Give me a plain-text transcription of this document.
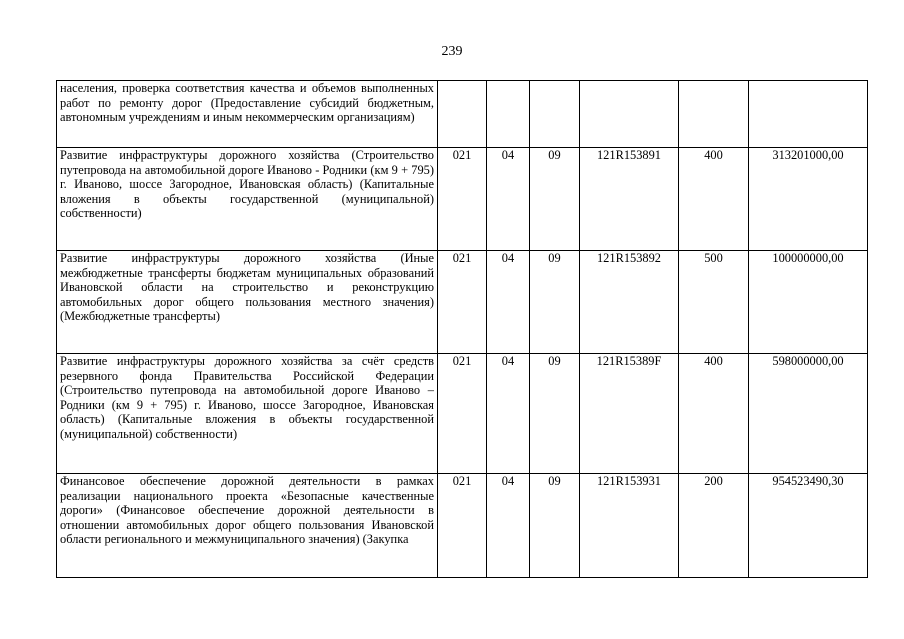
239
населения, проверка соответствия качества и объемов выполненных работ по ремонту дорог (Предоставление субсидий бюджетным, автономным учреждениям и иным некоммерческим организациям)						
Развитие инфраструктуры дорожного хозяйства (Строительство путепровода на автомобильной дороге Иваново - Родники (км 9 + 795) г. Иваново, шоссе Загородное, Ивановская область) (Капитальные вложения в объекты государственной (муниципальной) собственности)	021	04	09	121R153891	400	313201000,00
Развитие инфраструктуры дорожного хозяйства (Иные межбюджетные трансферты бюджетам муниципальных образований Ивановской области на строительство и реконструкцию автомобильных дорог общего пользования местного значения) (Межбюджетные трансферты)	021	04	09	121R153892	500	100000000,00
Развитие инфраструктуры дорожного хозяйства за счёт средств резервного фонда Правительства Российской Федерации (Строительство путепровода на автомобильной дороге Иваново – Родники (км 9 + 795) г. Иваново, шоссе Загородное, Ивановская область) (Капитальные вложения в объекты государственной (муниципальной) собственности)	021	04	09	121R15389F	400	598000000,00
Финансовое обеспечение дорожной деятельности в рамках реализации национального проекта «Безопасные качественные дороги» (Финансовое обеспечение дорожной деятельности в отношении автомобильных дорог общего пользования Ивановской области регионального и межмуниципального значения) (Закупка	021	04	09	121R153931	200	954523490,30
